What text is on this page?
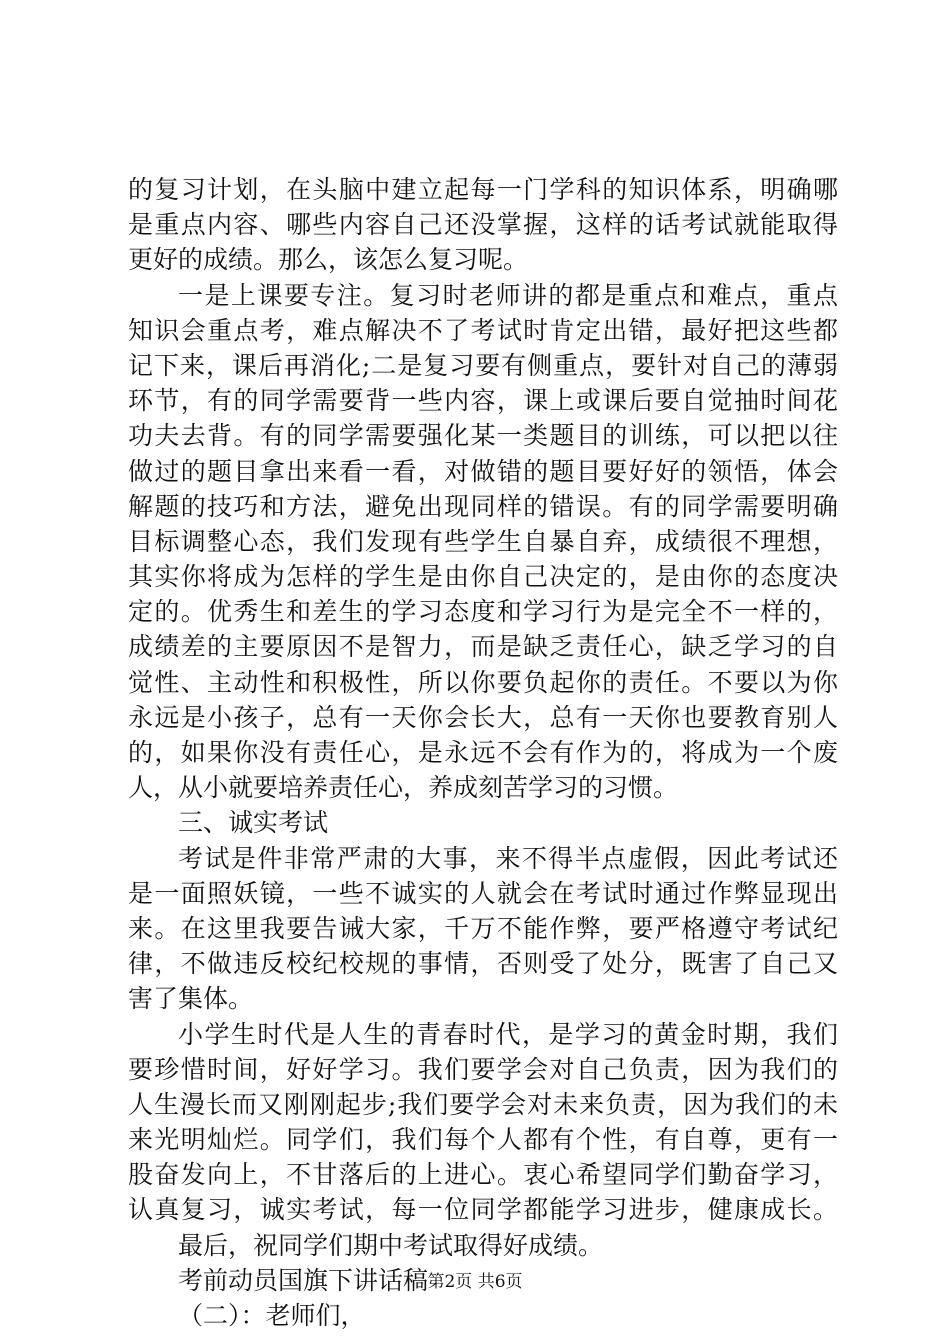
的复习计划，在头脑中建立起每一门学科的知识体系，明确哪
是重点内容、哪些内容自己还没掌握，这样的话考试就能取得
更好的成绩。那么，该怎么复习呢。
一是上课要专注。复习时老师讲的都是重点和难点，重点
知识会重点考，难点解决不了考试时肯定出错，最好把这些都
记下来，课后再消化;二是复习要有侧重点，要针对自己的薄弱
环节，有的同学需要背一些内容，课上或课后要自觉抽时间花
功夫去背。有的同学需要强化某一类题目的训练，可以把以往
做过的题目拿出来看一看，对做错的题目要好好的领悟，体会
解题的技巧和方法，避免出现同样的错误。有的同学需要明确
目标调整心态，我们发现有些学生自暴自弃，成绩很不理想，
其实你将成为怎样的学生是由你自己决定的，是由你的态度决
定的。优秀生和差生的学习态度和学习行为是完全不一样的，
成绩差的主要原因不是智力，而是缺乏责任心，缺乏学习的自
觉性、主动性和积极性，所以你要负起你的责任。不要以为你
永远是小孩子，总有一天你会长大，总有一天你也要教育别人
的，如果你没有责任心，是永远不会有作为的，将成为一个废
人，从小就要培养责任心，养成刻苦学习的习惯。
三、诚实考试
考试是件非常严肃的大事，来不得半点虚假，因此考试还
是一面照妖镜，一些不诚实的人就会在考试时通过作弊显现出
来。在这里我要告诫大家，千万不能作弊，要严格遵守考试纪
律，不做违反校纪校规的事情，否则受了处分，既害了自己又
害了集体。
小学生时代是人生的青春时代，是学习的黄金时期，我们
要珍惜时间，好好学习。我们要学会对自己负责，因为我们的
人生漫长而又刚刚起步;我们要学会对未来负责，因为我们的未
来光明灿烂。同学们，我们每个人都有个性，有自尊，更有一
股奋发向上，不甘落后的上进心。衷心希望同学们勤奋学习，
认真复习，诚实考试，每一位同学都能学习进步，健康成长。
最后，祝同学们期中考试取得好成绩。
考前动员国旗下讲话稿
（二）：老师们，
第2页 共6页
